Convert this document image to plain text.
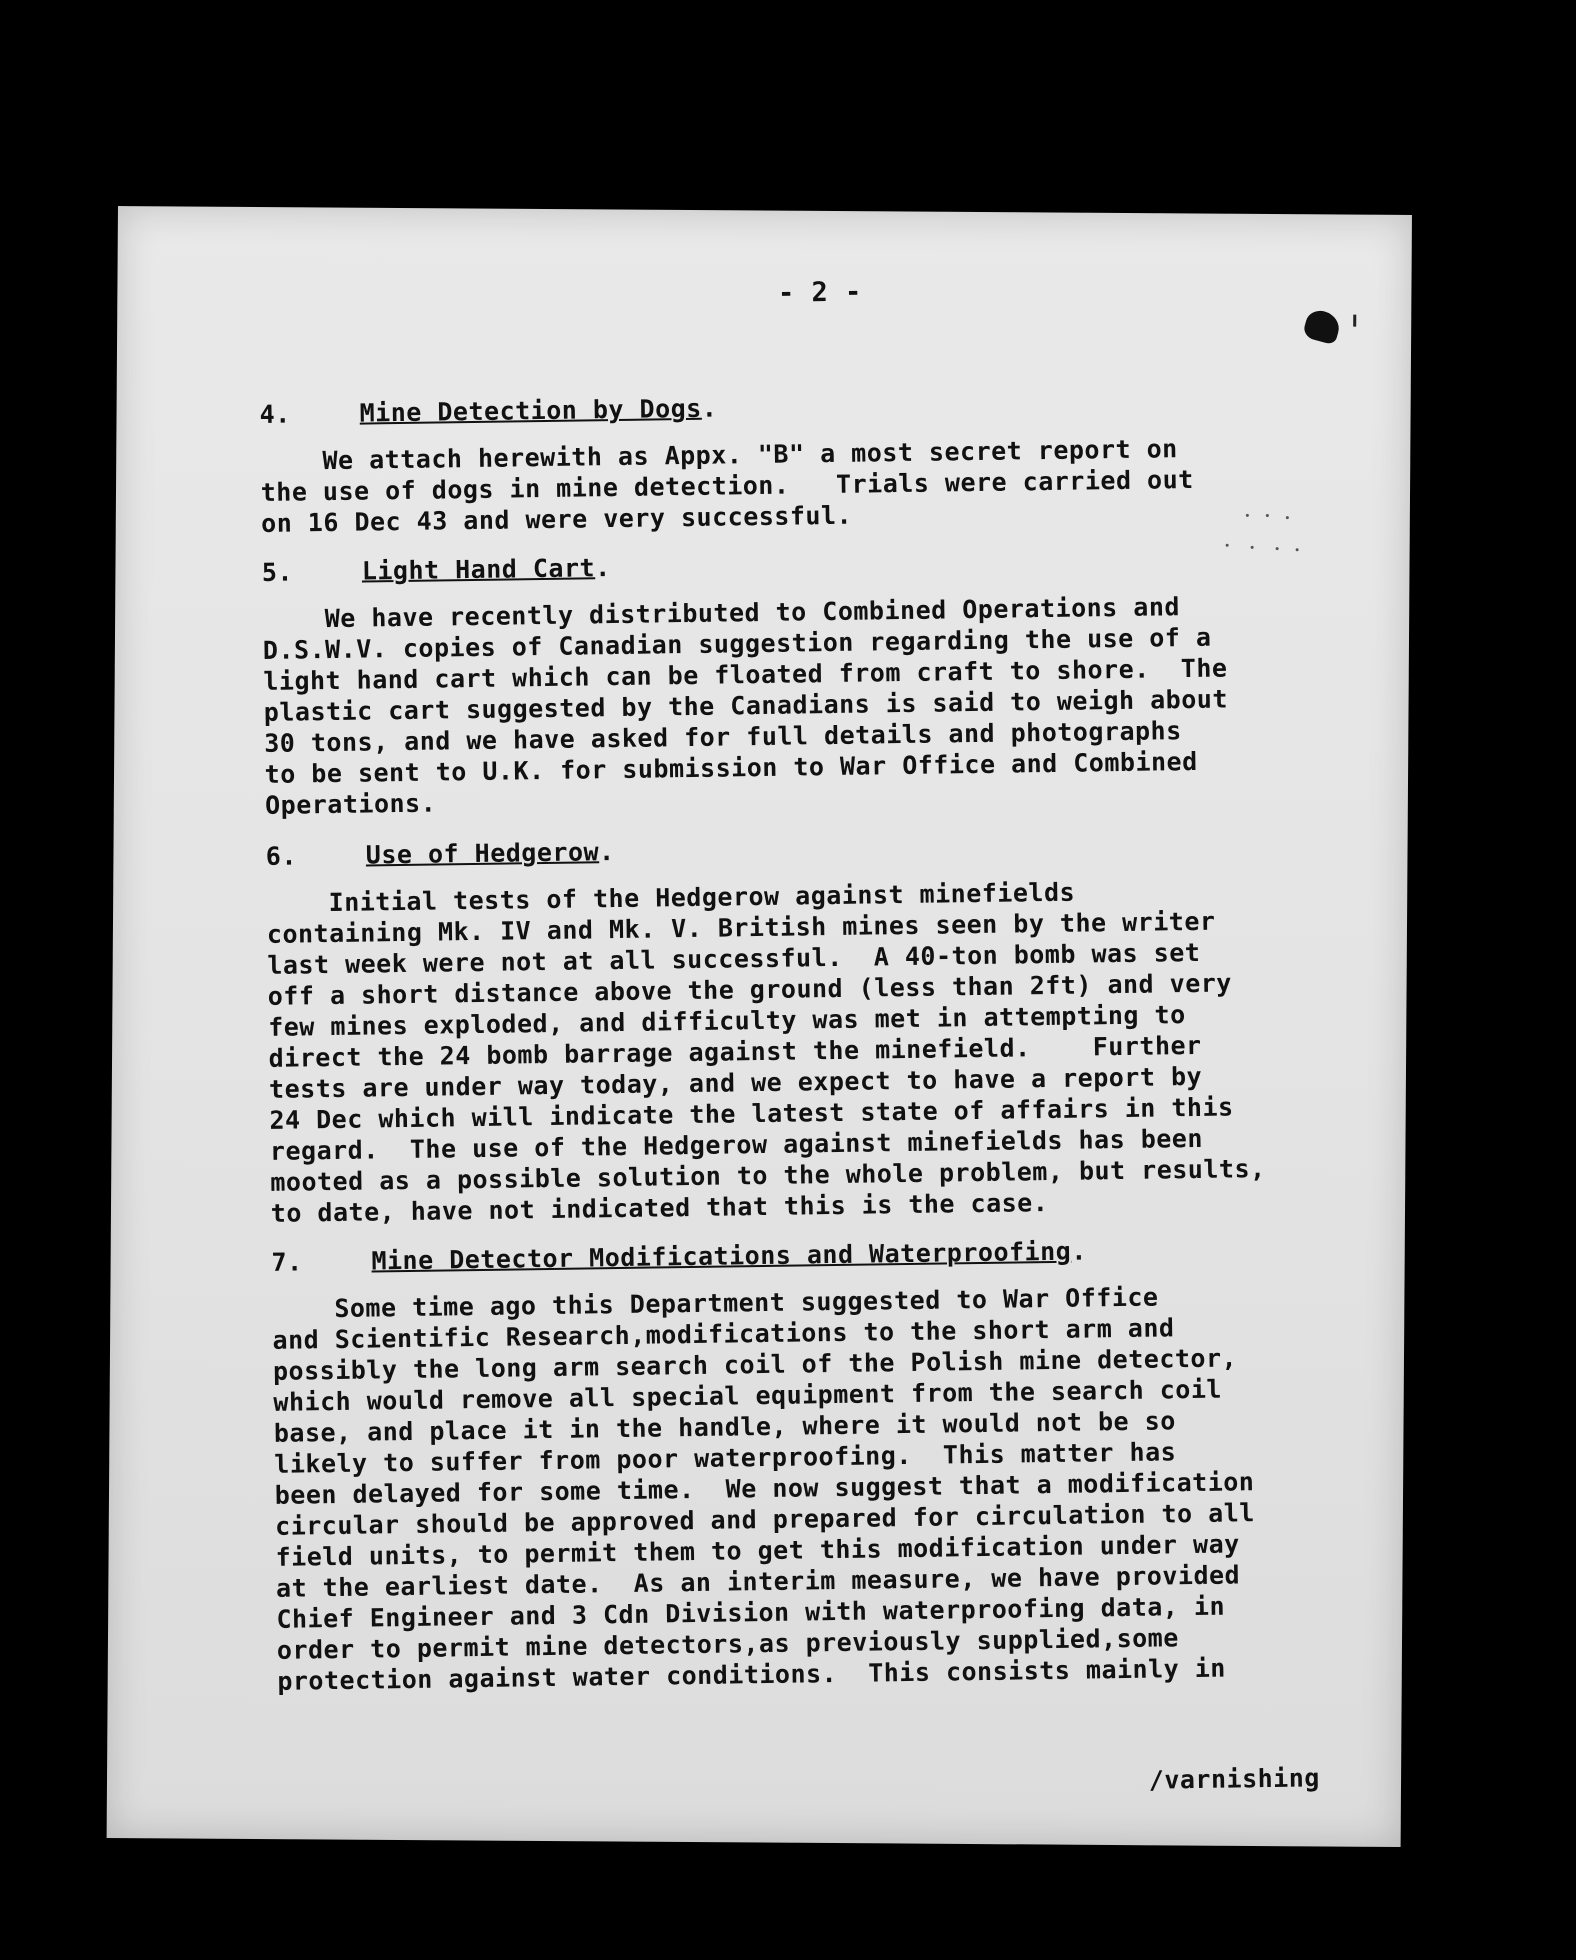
- 2 -
4.	Mine Detection by Dogs .
We attach herewith as Appx. "B" a most secret report on
the use of dogs in mine detection.   Trials were carried out
on 16 Dec 43 and were very successful.
5.	Light Hand Cart .
We have recently distributed to Combined Operations and
D.S.W.V. copies of Canadian suggestion regarding the use of a
light hand cart which can be floated from craft to shore.  The
plastic cart suggested by the Canadians is said to weigh about
30 tons, and we have asked for full details and photographs
to be sent to U.K. for submission to War Office and Combined
Operations.
6.	Use of Hedgerow .
Initial tests of the Hedgerow against minefields
containing Mk. IV and Mk. V. British mines seen by the writer
last week were not at all successful.  A 40-ton bomb was set
off a short distance above the ground (less than 2ft) and very
few mines exploded, and difficulty was met in attempting to
direct the 24 bomb barrage against the minefield.    Further
tests are under way today, and we expect to have a report by
24 Dec which will indicate the latest state of affairs in this
regard.  The use of the Hedgerow against minefields has been
mooted as a possible solution to the whole problem, but results,
to date, have not indicated that this is the case.
7.	Mine Detector Modifications and Waterproofing .
Some time ago this Department suggested to War Office
and Scientific Research,modifications to the short arm and
possibly the long arm search coil of the Polish mine detector,
which would remove all special equipment from the search coil
base, and place it in the handle, where it would not be so
likely to suffer from poor waterproofing.  This matter has
been delayed for some time.  We now suggest that a modification
circular should be approved and prepared for circulation to all
field units, to permit them to get this modification under way
at the earliest date.  As an interim measure, we have provided
Chief Engineer and 3 Cdn Division with waterproofing data, in
order to permit mine detectors,as previously supplied,some
protection against water conditions.  This consists mainly in
/varnishing
